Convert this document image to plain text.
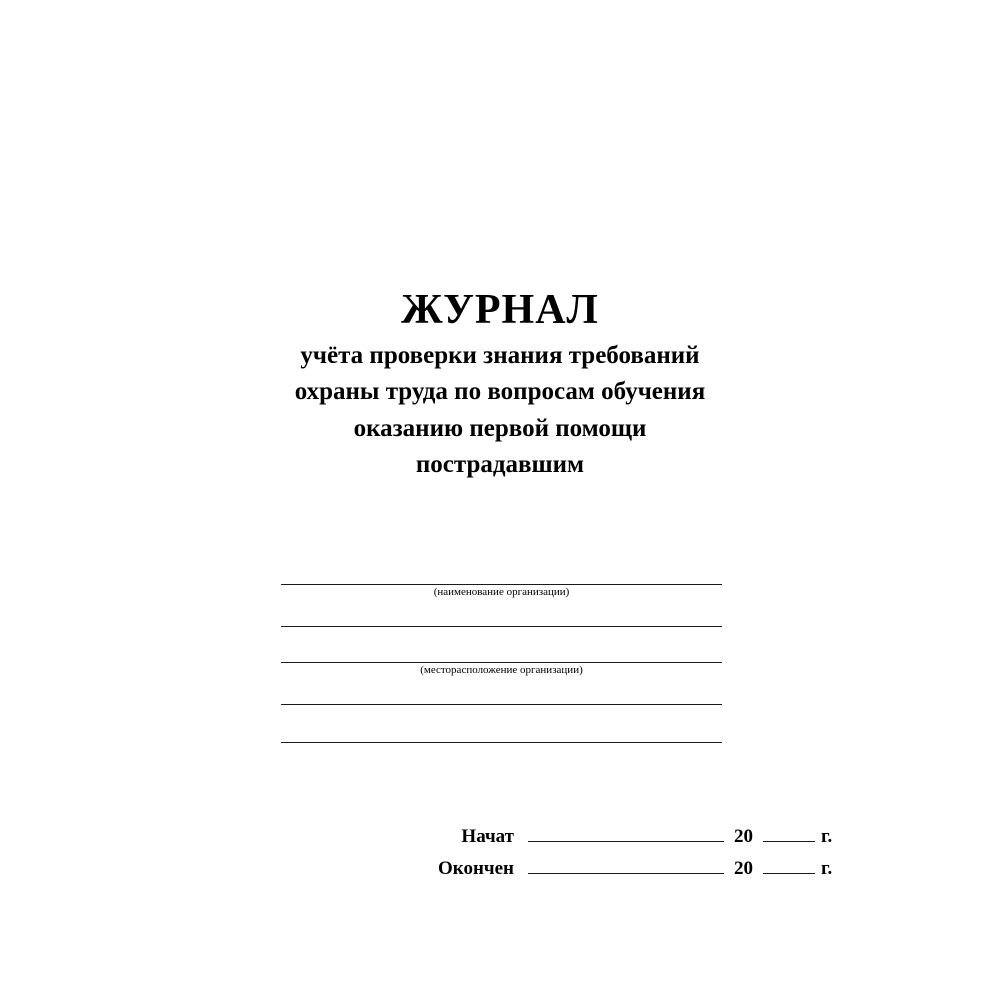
ЖУРНАЛ
учёта проверки знания требований
охраны труда по вопросам обучения
оказанию первой помощи
пострадавшим
(наименование организации)
(месторасположение организации)
Начат	20	г.
Окончен	20	г.
